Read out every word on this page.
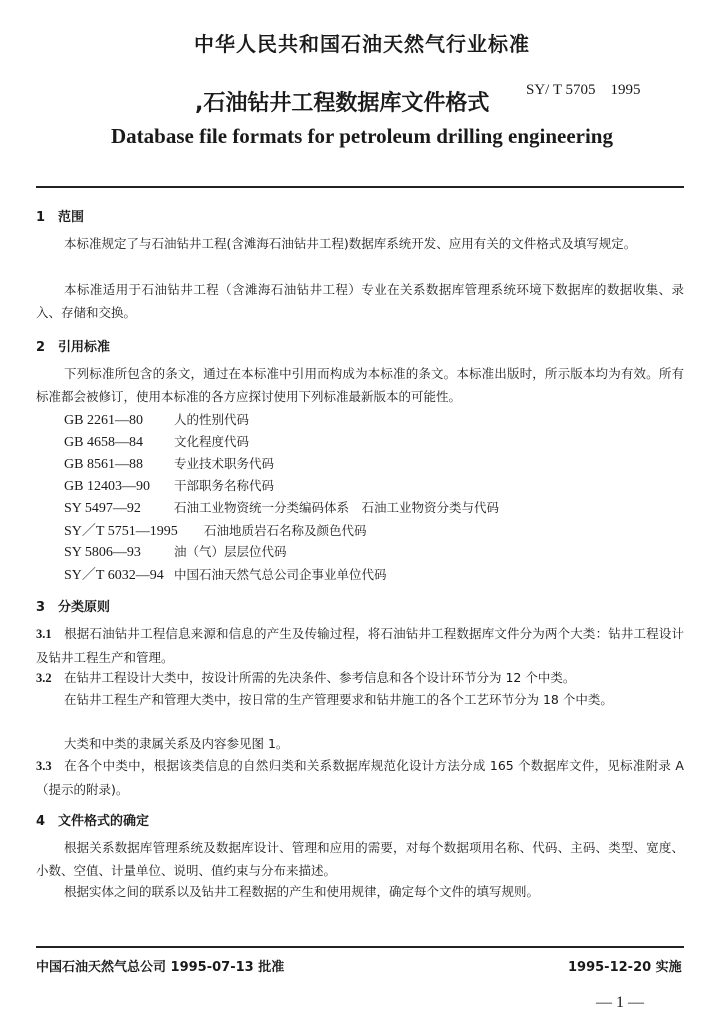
中华人民共和国石油天然气行业标准
SY/ T 5705　1995
,石油钻井工程数据库文件格式
Database file formats for petroleum drilling engineering
1 范围
本标准规定了与石油钻井工程(含滩海石油钻井工程)数据库系统开发、应用有关的文件格式及填写规定。
本标准适用于石油钻井工程（含滩海石油钻井工程）专业在关系数据库管理系统环境下数据库的数据收集、录入、存储和交换。
2 引用标准
下列标准所包含的条文，通过在本标准中引用而构成为本标准的条文。本标准出版时，所示版本均为有效。所有标准都会被修订，使用本标准的各方应探讨使用下列标准最新版本的可能性。
GB 2261—80 人的性别代码
GB 4658—84 文化程度代码
GB 8561—88 专业技术职务代码
GB 12403—90 干部职务名称代码
SY 5497—92	石油工业物资统一分类编码体系　石油工业物资分类与代码
SY／T 5751—1995 石油地质岩石名称及颜色代码
SY 5806—93	油（气）层层位代码
SY／T 6032—94 中国石油天然气总公司企事业单位代码
3 分类原则
3.1 根据石油钻井工程信息来源和信息的产生及传输过程，将石油钻井工程数据库文件分为两个大类：钻井工程设计及钻井工程生产和管理。
3.2 在钻井工程设计大类中，按设计所需的先决条件、参考信息和各个设计环节分为 12 个中类。
在钻井工程生产和管理大类中，按日常的生产管理要求和钻井施工的各个工艺环节分为 18 个中类。
大类和中类的隶属关系及内容参见图 1。
3.3 在各个中类中，根据该类信息的自然归类和关系数据库规范化设计方法分成 165 个数据库文件，见标准附录 A（提示的附录)。
4 文件格式的确定
根据关系数据库管理系统及数据库设计、管理和应用的需要，对每个数据项用名称、代码、主码、类型、宽度、小数、空值、计量单位、说明、值约束与分布来描述。
根据实体之间的联系以及钻井工程数据的产生和使用规律，确定每个文件的填写规则。
中国石油天然气总公司 1995-07-13 批准	1995-12-20 实施
— 1 —
